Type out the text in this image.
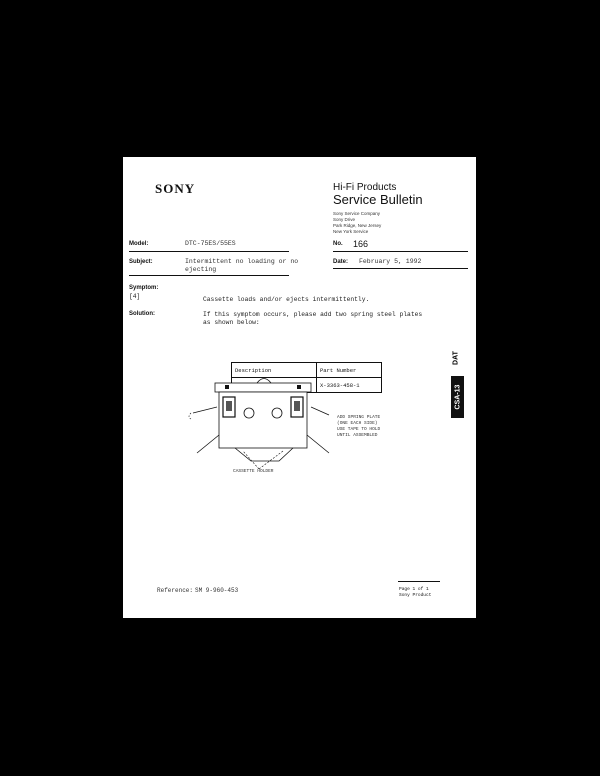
SONY	Hi-Fi Products
Service Bulletin
Sony Service Company
Sony Drive
Park Ridge, New Jersey
New York Service
Model:	DTC-75ES/55ES	No. 166
Subject:	Intermittent no loading or no
ejecting
Date: February 5, 1992
Symptom:
[4]	Cassette loads and/or ejects intermittently.
Solution:	If this symptom occurs, please add two spring steel plates
as shown below:
Description	Part Number
	X-3363-458-1
ADD SPRING PLATE
(ONE EACH SIDE)
USE TAPE TO HOLD
UNTIL ASSEMBLED
CASSETTE HOLDER
Reference: SM 9-960-453	Page 1 of 1
Sony Product
DAT
CSA-13
